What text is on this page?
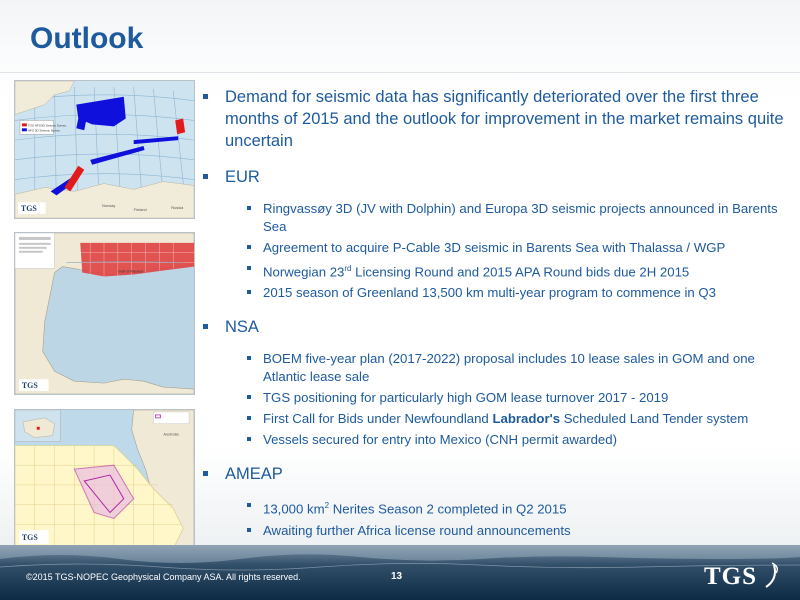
Outlook
TGS NFG3D Seismic Survey
NFG 3D Seismic Survey
Norway
Finland	Russia
TGS
Gulf of Mexico
TGS
Australia
TGS
Demand for seismic data has significantly deteriorated over the first three months of 2015 and the outlook for improvement in the market remains quite uncertain
EUR
Ringvassøy 3D (JV with Dolphin) and Europa 3D seismic projects announced in Barents Sea
Agreement to acquire P-Cable 3D seismic in Barents Sea with Thalassa / WGP
Norwegian 23rd Licensing Round and 2015 APA Round bids due 2H 2015
2015 season of Greenland 13,500 km multi-year program to commence in Q3
NSA
BOEM five-year plan (2017-2022) proposal includes 10 lease sales in GOM and one Atlantic lease sale
TGS positioning for particularly high GOM lease turnover 2017 - 2019
First Call for Bids under Newfoundland Labrador's Scheduled Land Tender system
Vessels secured for entry into Mexico (CNH permit awarded)
AMEAP
13,000 $km^2$ Nerites Season 2 completed in Q2 2015
Awaiting further Africa license round announcements
©2015 TGS-NOPEC Geophysical Company ASA. All rights reserved.	13	TGS
